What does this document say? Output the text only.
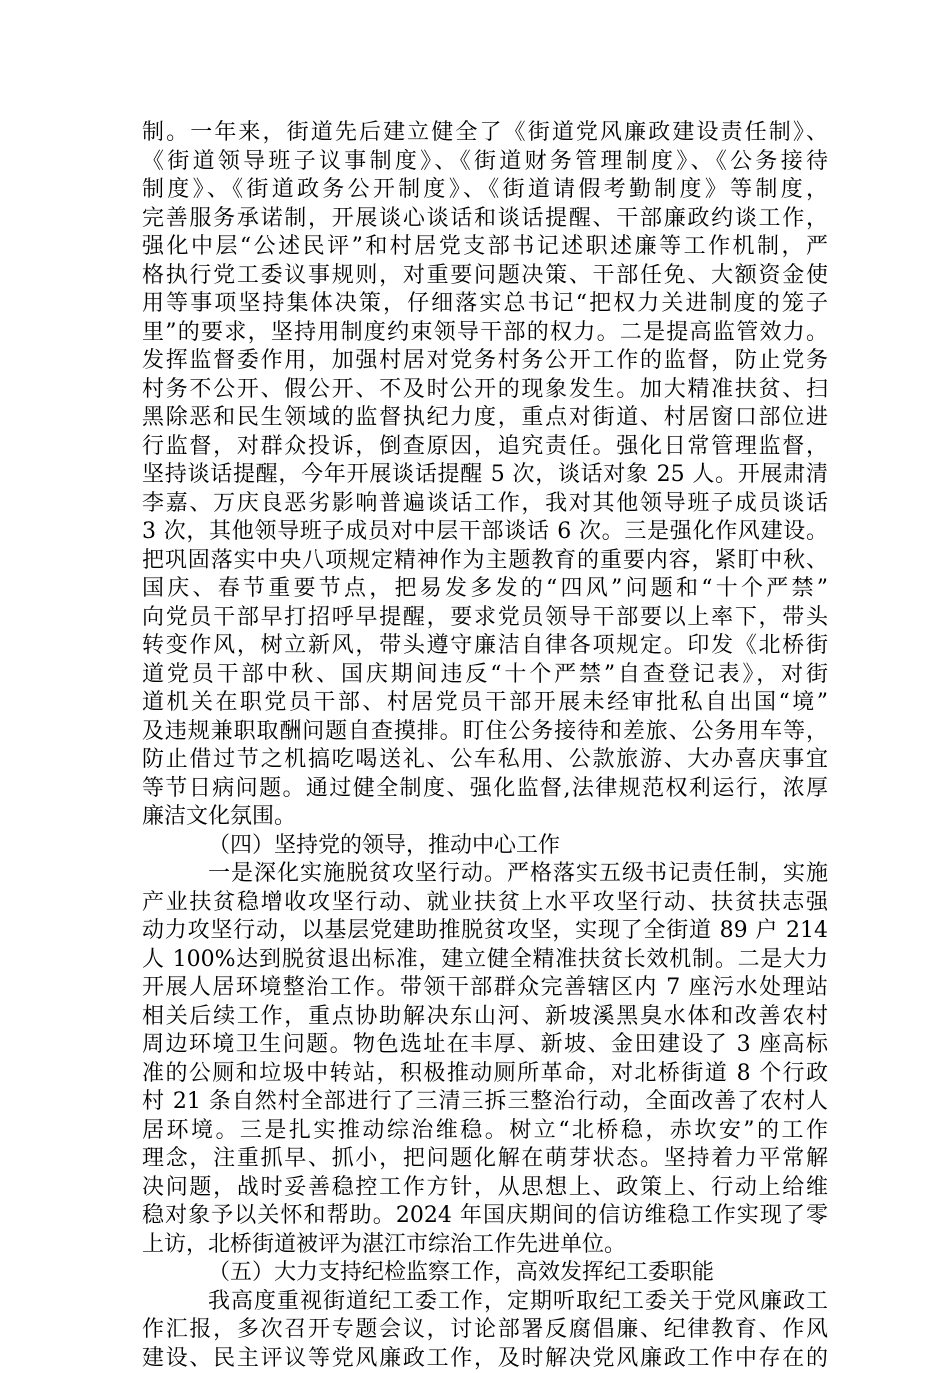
制。一年来，街道先后建立健全了《街道党风廉政建设责任制》、
《街道领导班子议事制度》、《街道财务管理制度》、《公务接待
制度》、《街道政务公开制度》、《街道请假考勤制度》等制度，
完善服务承诺制，开展谈心谈话和谈话提醒、干部廉政约谈工作，
强化中层“公述民评”和村居党支部书记述职述廉等工作机制，严
格执行党工委议事规则，对重要问题决策、干部任免、大额资金使
用等事项坚持集体决策，仔细落实总书记“把权力关进制度的笼子
里”的要求，坚持用制度约束领导干部的权力。二是提高监管效力。
发挥监督委作用，加强村居对党务村务公开工作的监督，防止党务
村务不公开、假公开、不及时公开的现象发生。加大精准扶贫、扫
黑除恶和民生领域的监督执纪力度，重点对街道、村居窗口部位进
行监督，对群众投诉，倒查原因，追究责任。强化日常管理监督，
坚持谈话提醒，今年开展谈话提醒 5 次，谈话对象 25 人。开展肃清
李嘉、万庆良恶劣影响普遍谈话工作，我对其他领导班子成员谈话
3 次，其他领导班子成员对中层干部谈话 6 次。三是强化作风建设。
把巩固落实中央八项规定精神作为主题教育的重要内容，紧盯中秋、
国庆、春节重要节点，把易发多发的“四风”问题和“十个严禁”
向党员干部早打招呼早提醒，要求党员领导干部要以上率下，带头
转变作风，树立新风，带头遵守廉洁自律各项规定。印发《北桥街
道党员干部中秋、国庆期间违反“十个严禁”自查登记表》，对街
道机关在职党员干部、村居党员干部开展未经审批私自出国“境”
及违规兼职取酬问题自查摸排。盯住公务接待和差旅、公务用车等，
防止借过节之机搞吃喝送礼、公车私用、公款旅游、大办喜庆事宜
等节日病问题。通过健全制度、强化监督,法律规范权利运行，浓厚
廉洁文化氛围。
（四）坚持党的领导，推动中心工作
一是深化实施脱贫攻坚行动。严格落实五级书记责任制，实施
产业扶贫稳增收攻坚行动、就业扶贫上水平攻坚行动、扶贫扶志强
动力攻坚行动，以基层党建助推脱贫攻坚，实现了全街道 89 户 214
人 100%达到脱贫退出标准，建立健全精准扶贫长效机制。二是大力
开展人居环境整治工作。带领干部群众完善辖区内 7 座污水处理站
相关后续工作，重点协助解决东山河、新坡溪黑臭水体和改善农村
周边环境卫生问题。物色选址在丰厚、新坡、金田建设了 3 座高标
准的公厕和垃圾中转站，积极推动厕所革命，对北桥街道 8 个行政
村 21 条自然村全部进行了三清三拆三整治行动，全面改善了农村人
居环境。三是扎实推动综治维稳。树立“北桥稳，赤坎安”的工作
理念，注重抓早、抓小，把问题化解在萌芽状态。坚持着力平常解
决问题，战时妥善稳控工作方针，从思想上、政策上、行动上给维
稳对象予以关怀和帮助。2024 年国庆期间的信访维稳工作实现了零
上访，北桥街道被评为湛江市综治工作先进单位。
（五）大力支持纪检监察工作，高效发挥纪工委职能
我高度重视街道纪工委工作，定期听取纪工委关于党风廉政工
作汇报，多次召开专题会议，讨论部署反腐倡廉、纪律教育、作风
建设、民主评议等党风廉政工作，及时解决党风廉政工作中存在的
